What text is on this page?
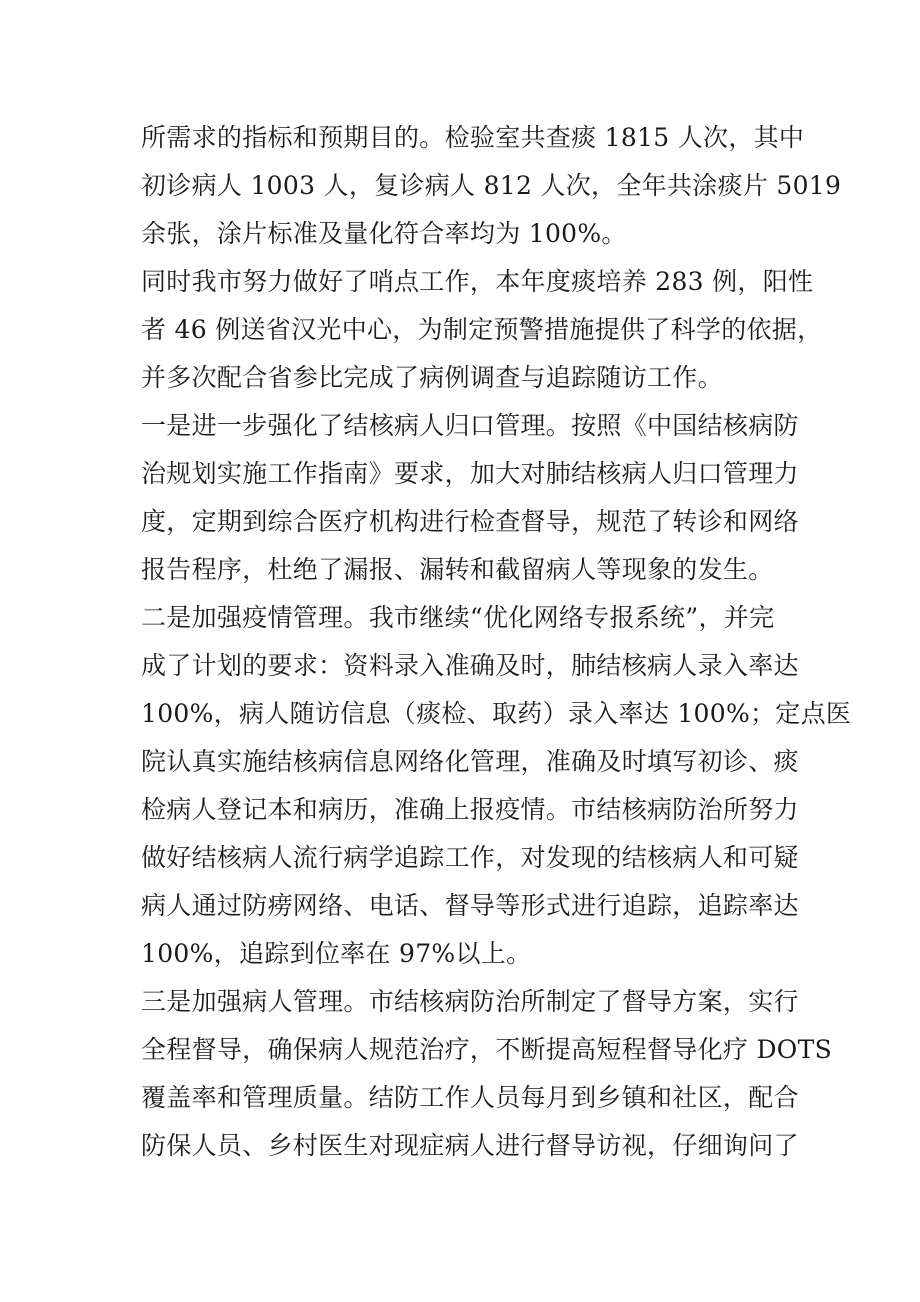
所需求的指标和预期目的。检验室共查痰 1815 人次，其中
初诊病人 1003 人，复诊病人 812 人次，全年共涂痰片 5019
余张，涂片标准及量化符合率均为 100%。
同时我市努力做好了哨点工作，本年度痰培养 283 例，阳性
者 46 例送省汉光中心，为制定预警措施提供了科学的依据，
并多次配合省参比完成了病例调查与追踪随访工作。
一是进一步强化了结核病人归口管理。按照《中国结核病防
治规划实施工作指南》要求，加大对肺结核病人归口管理力
度，定期到综合医疗机构进行检查督导，规范了转诊和网络
报告程序，杜绝了漏报、漏转和截留病人等现象的发生。
二是加强疫情管理。我市继续“优化网络专报系统”，并完
成了计划的要求：资料录入准确及时，肺结核病人录入率达
100%，病人随访信息（痰检、取药）录入率达 100%；定点医
院认真实施结核病信息网络化管理，准确及时填写初诊、痰
检病人登记本和病历，准确上报疫情。市结核病防治所努力
做好结核病人流行病学追踪工作，对发现的结核病人和可疑
病人通过防痨网络、电话、督导等形式进行追踪，追踪率达
100%，追踪到位率在 97%以上。
三是加强病人管理。市结核病防治所制定了督导方案，实行
全程督导，确保病人规范治疗，不断提高短程督导化疗 DOTS
覆盖率和管理质量。结防工作人员每月到乡镇和社区，配合
防保人员、乡村医生对现症病人进行督导访视，仔细询问了
